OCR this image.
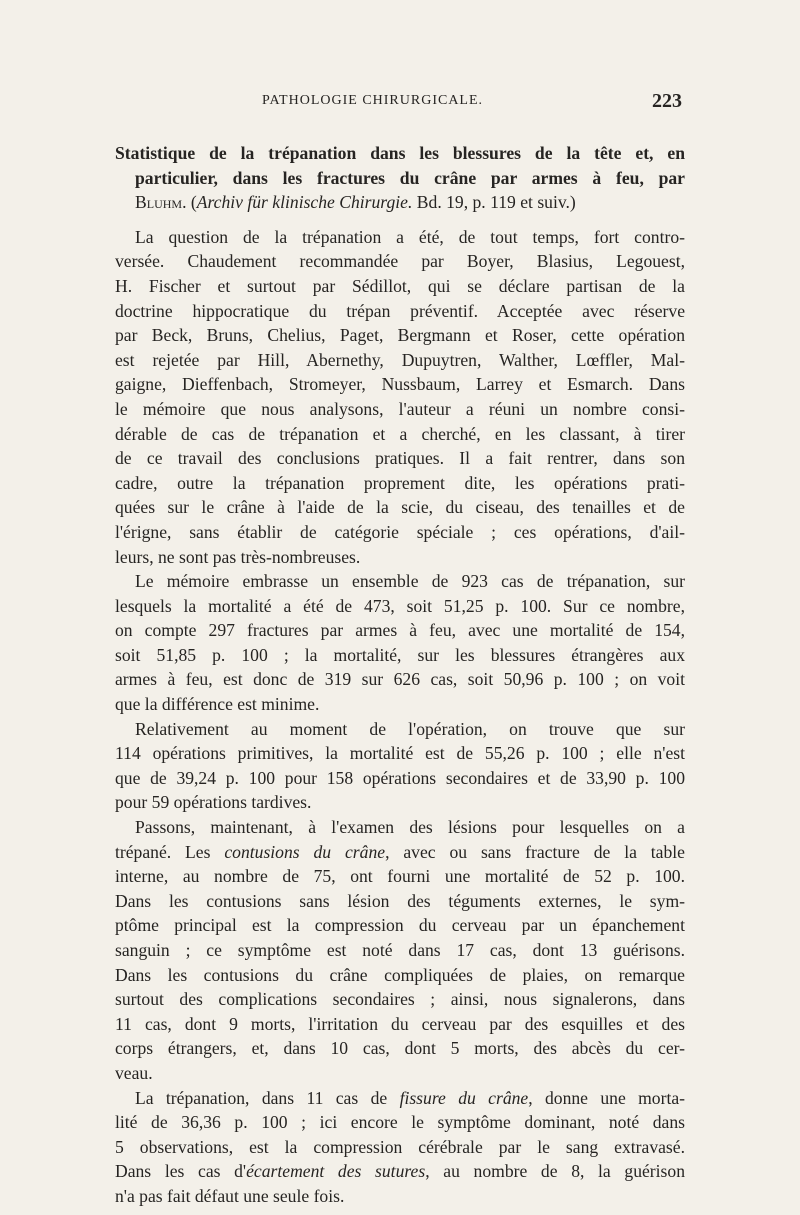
PATHOLOGIE CHIRURGICALE.	223
Statistique de la trépanation dans les blessures de la tête et, en
particulier, dans les fractures du crâne par armes à feu, par
Bluhm. (Archiv für klinische Chirurgie. Bd. 19, p. 119 et suiv.)
La question de la trépanation a été, de tout temps, fort contro-
versée. Chaudement recommandée par Boyer, Blasius, Legouest,
H. Fischer et surtout par Sédillot, qui se déclare partisan de la
doctrine hippocratique du trépan préventif. Acceptée avec réserve
par Beck, Bruns, Chelius, Paget, Bergmann et Roser, cette opération
est rejetée par Hill, Abernethy, Dupuytren, Walther, Lœffler, Mal-
gaigne, Dieffenbach, Stromeyer, Nussbaum, Larrey et Esmarch. Dans
le mémoire que nous analysons, l'auteur a réuni un nombre consi-
dérable de cas de trépanation et a cherché, en les classant, à tirer
de ce travail des conclusions pratiques. Il a fait rentrer, dans son
cadre, outre la trépanation proprement dite, les opérations prati-
quées sur le crâne à l'aide de la scie, du ciseau, des tenailles et de
l'érigne, sans établir de catégorie spéciale ; ces opérations, d'ail-
leurs, ne sont pas très-nombreuses.
Le mémoire embrasse un ensemble de 923 cas de trépanation, sur
lesquels la mortalité a été de 473, soit 51,25 p. 100. Sur ce nombre,
on compte 297 fractures par armes à feu, avec une mortalité de 154,
soit 51,85 p. 100 ; la mortalité, sur les blessures étrangères aux
armes à feu, est donc de 319 sur 626 cas, soit 50,96 p. 100 ; on voit
que la différence est minime.
Relativement au moment de l'opération, on trouve que sur
114 opérations primitives, la mortalité est de 55,26 p. 100 ; elle n'est
que de 39,24 p. 100 pour 158 opérations secondaires et de 33,90 p. 100
pour 59 opérations tardives.
Passons, maintenant, à l'examen des lésions pour lesquelles on a
trépané. Les contusions du crâne, avec ou sans fracture de la table
interne, au nombre de 75, ont fourni une mortalité de 52 p. 100.
Dans les contusions sans lésion des téguments externes, le sym-
ptôme principal est la compression du cerveau par un épanchement
sanguin ; ce symptôme est noté dans 17 cas, dont 13 guérisons.
Dans les contusions du crâne compliquées de plaies, on remarque
surtout des complications secondaires ; ainsi, nous signalerons, dans
11 cas, dont 9 morts, l'irritation du cerveau par des esquilles et des
corps étrangers, et, dans 10 cas, dont 5 morts, des abcès du cer-
veau.
La trépanation, dans 11 cas de fissure du crâne, donne une morta-
lité de 36,36 p. 100 ; ici encore le symptôme dominant, noté dans
5 observations, est la compression cérébrale par le sang extravasé.
Dans les cas d'écartement des sutures, au nombre de 8, la guérison
n'a pas fait défaut une seule fois.
